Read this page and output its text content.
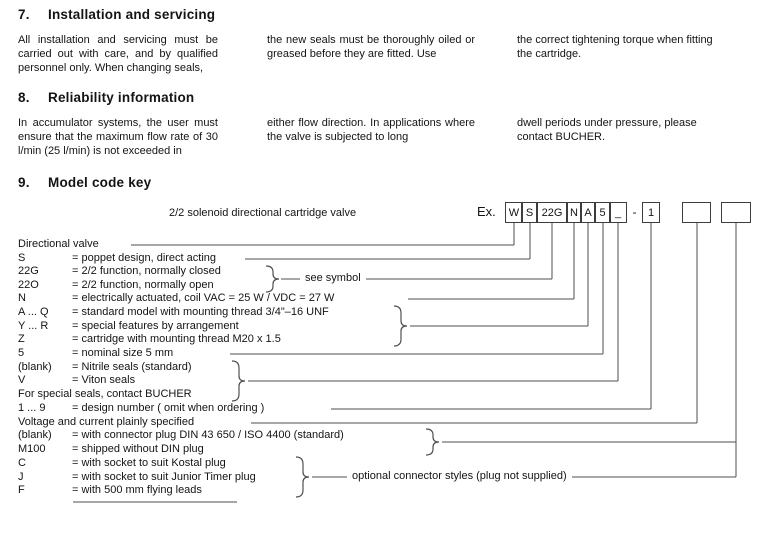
7.	Installation and servicing
All installation and servicing must be carried out with care, and by qualified personnel only. When changing seals,
the new seals must be thoroughly oiled or greased before they are fitted. Use
the correct tightening torque when fitting the cartridge.
8.	Reliability information
In accumulator systems, the user must ensure that the maximum flow rate of 30 l/min (25 l/min) is not exceeded in
either flow direction. In applications where the valve is subjected to long
dwell periods under pressure, please contact BUCHER.
9.	Model code key
2/2 solenoid directional cartridge valve	Ex.	W S 22G N A 5 _ -	1
Directional valve
S	= poppet design, direct acting
22G	= 2/2 function, normally closed
22O	= 2/2 function, normally open
N	= electrically actuated, coil VAC = 25 W / VDC = 27 W
A ... Q = standard model with mounting thread 3/4"–16 UNF
Y ... R = special features by arrangement
Z	= cartridge with mounting thread M20 x 1.5
5	= nominal size 5 mm
(blank) = Nitrile seals (standard)
V	= Viton seals
For special seals, contact BUCHER
1 ... 9 = design number ( omit when ordering )
Voltage and current plainly specified
(blank) = with connector plug DIN 43 650 / ISO 4400 (standard)
M100 = shipped without DIN plug
C	= with socket to suit Kostal plug
J	= with socket to suit Junior Timer plug
F	= with 500 mm flying leads
see symbol
optional connector styles (plug not supplied)
